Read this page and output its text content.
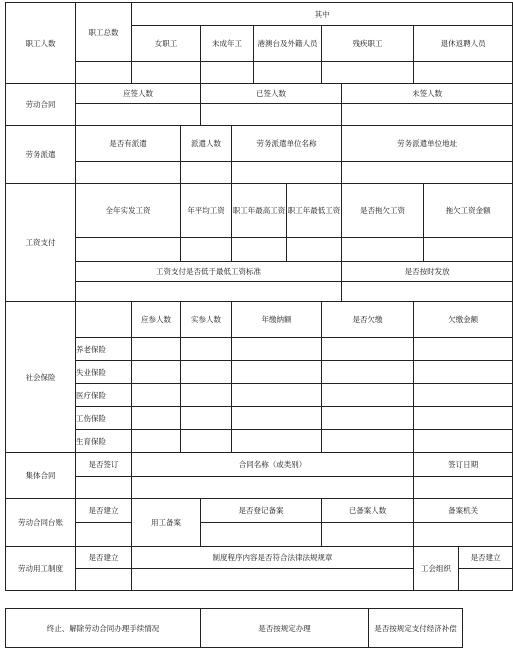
职工人数	职工总数	其中										
		女职工		未成年工		港澳台及外籍人员		残疾职工		退休返聘人员		

劳动合同	应签人数			已签人数					未签人数			

劳务派遣	是否有派遣		派遣人数		劳务派遣单位名称				劳务派遣单位地址			

工资支付	全年实发工资		年平均工资		职工年最高工资		职工年最低工资		是否拖欠工资		拖欠工资金额	

	工资支付是否低于最低工资标准								是否按时发放			

社会保险		应参人数	实参人数		年缴纳额			是否欠缴		欠缴金额		
	养老保险											
	失业保险											
	医疗保险											
	工伤保险											
	生育保险											
集体合同	是否签订	合同名称（或类别）								签订日期		

劳动合同台账	是否建立	用工备案		是否登记备案				已备案人数		备案机关		

劳动用工制度	是否建立	制度程序内容是否符合法律法规规章								工会组织		是否建立

终止、解除劳动合同办理手续情况	是否按规定办理	是否按规定支付经济补偿
